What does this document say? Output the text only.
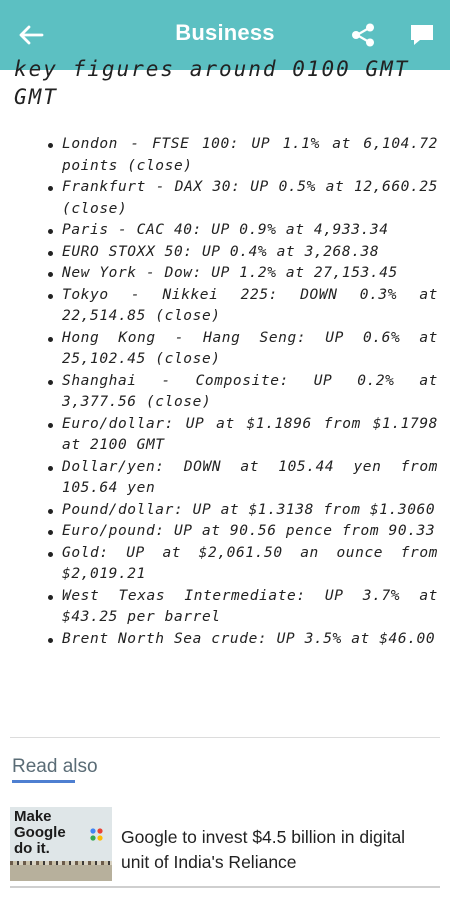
Business
key figures around 0100 GMT
GMT
London - FTSE 100: UP 1.1% at 6,104.72 points (close)
Frankfurt - DAX 30: UP 0.5% at 12,660.25 (close)
Paris - CAC 40: UP 0.9% at 4,933.34
EURO STOXX 50: UP 0.4% at 3,268.38
New York - Dow: UP 1.2% at 27,153.45
Tokyo - Nikkei 225: DOWN 0.3% at 22,514.85 (close)
Hong Kong - Hang Seng: UP 0.6% at 25,102.45 (close)
Shanghai - Composite: UP 0.2% at 3,377.56 (close)
Euro/dollar: UP at $1.1896 from $1.1798 at 2100 GMT
Dollar/yen: DOWN at 105.44 yen from 105.64 yen
Pound/dollar: UP at $1.3138 from $1.3060
Euro/pound: UP at 90.56 pence from 90.33
Gold: UP at $2,061.50 an ounce from $2,019.21
West Texas Intermediate: UP 3.7% at $43.25 per barrel
Brent North Sea crude: UP 3.5% at $46.00
Read also
Make Google do it.
Google to invest $4.5 billion in digital unit of India's Reliance
